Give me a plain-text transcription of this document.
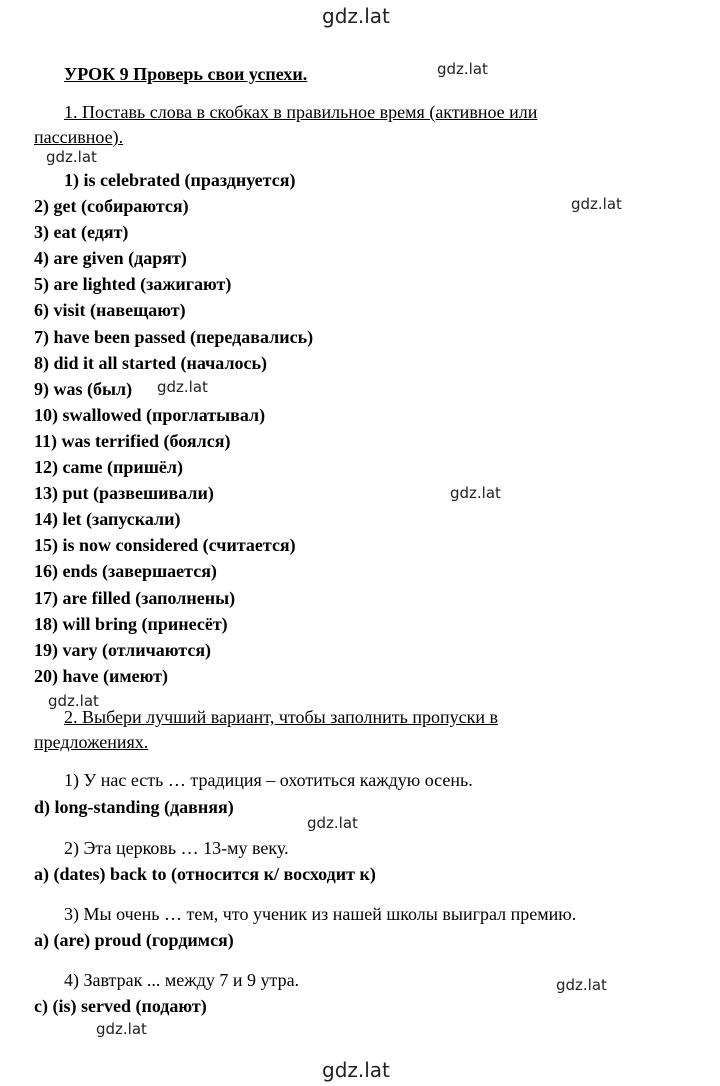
gdz.lat
gdz.lat
gdz.lat
gdz.lat
gdz.lat
gdz.lat
gdz.lat
gdz.lat
gdz.lat
gdz.lat
gdz.lat
УРОК 9 Проверь свои успехи.
1. Поставь слова в скобках в правильное время (активное или
пассивное).
1) is celebrated (празднуется)
2) get (собираются)
3) eat (едят)
4) are given (дарят)
5) are lighted (зажигают)
6) visit (навещают)
7) have been passed (передавались)
8) did it all started (началось)
9) was (был)
10) swallowed (проглатывал)
11) was terrified (боялся)
12) came (пришёл)
13) put (развешивали)
14) let (запускали)
15) is now considered (считается)
16) ends (завершается)
17) are filled (заполнены)
18) will bring (принесёт)
19) vary (отличаются)
20) have (имеют)
2. Выбери лучший вариант, чтобы заполнить пропуски в
предложениях.
1) У нас есть … традиция – охотиться каждую осень.
d) long-standing (давняя)
2) Эта церковь … 13-му веку.
a) (dates) back to (относится к/ восходит к)
3) Мы очень … тем, что ученик из нашей школы выиграл премию.
a) (are) proud (гордимся)
4) Завтрак ... между 7 и 9 утра.
c) (is) served (подают)
